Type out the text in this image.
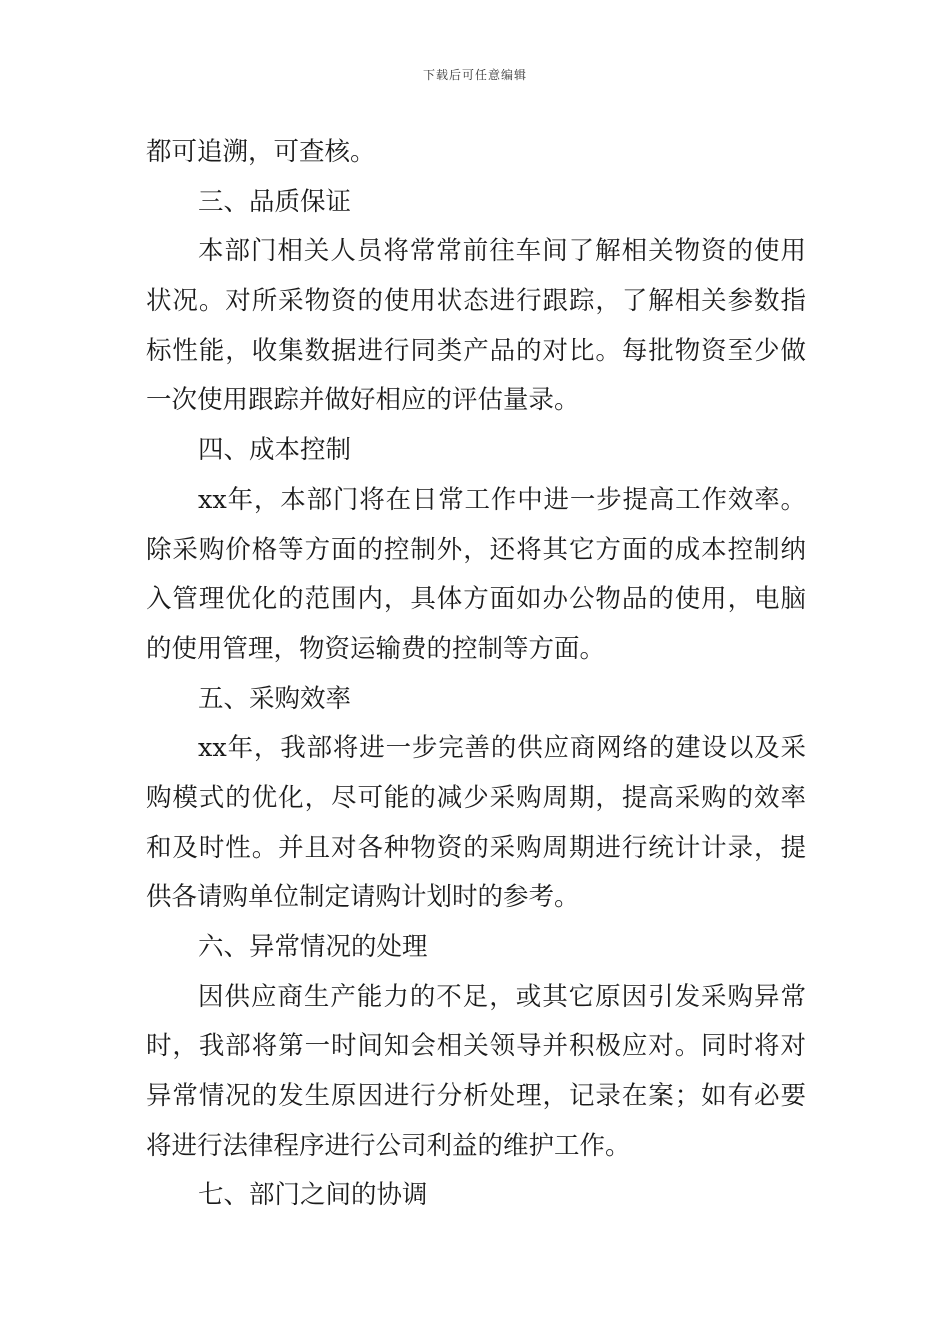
下载后可任意编辑
都可追溯，可查核。
三、品质保证
本部门相关人员将常常前往车间了解相关物资的使用
状况。对所采物资的使用状态进行跟踪，了解相关参数指
标性能，收集数据进行同类产品的对比。每批物资至少做
一次使用跟踪并做好相应的评估量录。
四、成本控制
xx年，本部门将在日常工作中进一步提高工作效率。
除采购价格等方面的控制外，还将其它方面的成本控制纳
入管理优化的范围内，具体方面如办公物品的使用，电脑
的使用管理，物资运输费的控制等方面。
五、采购效率
xx年，我部将进一步完善的供应商网络的建设以及采
购模式的优化，尽可能的减少采购周期，提高采购的效率
和及时性。并且对各种物资的采购周期进行统计计录，提
供各请购单位制定请购计划时的参考。
六、异常情况的处理
因供应商生产能力的不足，或其它原因引发采购异常
时，我部将第一时间知会相关领导并积极应对。同时将对
异常情况的发生原因进行分析处理，记录在案；如有必要
将进行法律程序进行公司利益的维护工作。
七、部门之间的协调
